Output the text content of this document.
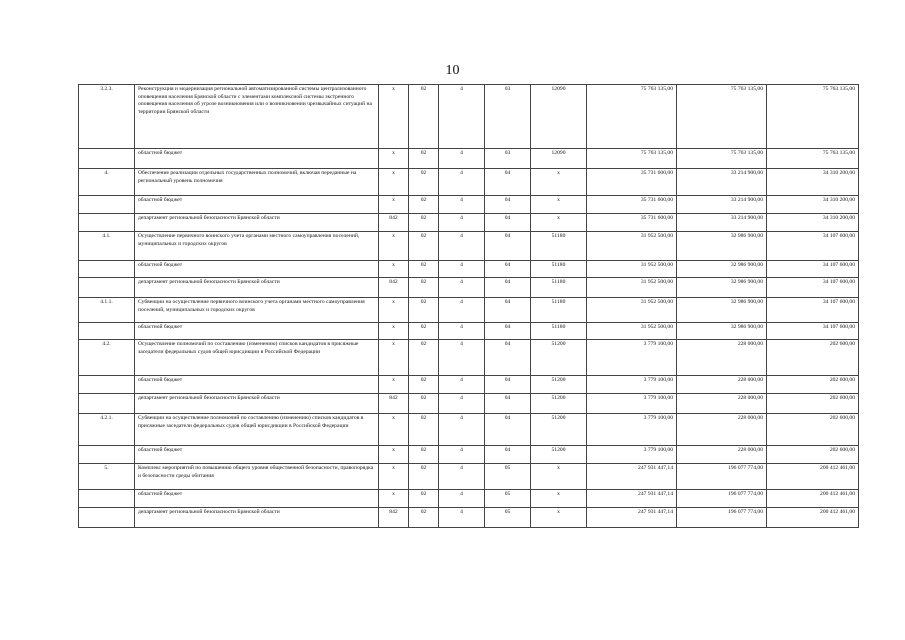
10
3.2.3.	Реконструкция и модернизация региональной автоматизированной системы централизованного оповещения населения Брянской области с элементами комплексной системы экстренного оповещения населения об угрозе возникновения или о возникновении чрезвычайных ситуаций на территории Брянской области	х	02	4	03	12090	75 763 135,00	75 763 135,00	75 763 135,00
	областной бюджет	х	02	4	03	12090	75 763 135,00	75 763 135,00	75 763 135,00
4.	Обеспечение реализации отдельных государственных полномочий, включая переданные на региональный уровень полномочия	х	02	4	04	х	35 731 600,00	33 214 900,00	34 310 200,00
	областной бюджет	х	02	4	04	х	35 731 600,00	33 214 900,00	34 310 200,00
	департамент региональной безопасности Брянской области	842	02	4	04	х	35 731 600,00	33 214 900,00	34 310 200,00
4.1.	Осуществление первичного воинского учета органами местного самоуправления поселений, муниципальных и городских округов	х	02	4	04	51180	31 952 500,00	32 986 900,00	34 107 600,00
	областной бюджет	х	02	4	04	51180	31 952 500,00	32 986 900,00	34 107 600,00
	департамент региональной безопасности Брянской области	842	02	4	04	51180	31 952 500,00	32 986 900,00	34 107 600,00
4.1.1.	Субвенции на осуществление первичного воинского учета органами местного самоуправления поселений, муниципальных и городских округов	х	02	4	04	51180	31 952 500,00	32 986 900,00	34 107 600,00
	областной бюджет	х	02	4	04	51180	31 952 500,00	32 986 900,00	34 107 600,00
4.2.	Осуществление полномочий по составлению (изменению) списков кандидатов в присяжные заседатели федеральных судов общей юрисдикции в Российской Федерации	х	02	4	04	51200	3 779 100,00	228 000,00	202 600,00
	областной бюджет	х	02	4	04	51200	3 779 100,00	228 000,00	202 600,00
	департамент региональной безопасности Брянской области	842	02	4	04	51200	3 779 100,00	228 000,00	202 600,00
4.2.1.	Субвенции на осуществление полномочий по составлению (изменению) списков кандидатов в присяжные заседатели федеральных судов общей юрисдикции в Российской Федерации	х	02	4	04	51200	3 779 100,00	228 000,00	202 600,00
	областной бюджет	х	02	4	04	51200	3 779 100,00	228 000,00	202 600,00
5.	Комплекс мероприятий по повышению общего уровня общественной безопасности, правопорядка и безопасности среды обитания	х	02	4	05	х	247 931 447,14	196 077 774,00	200 412 461,00
	областной бюджет	х	02	4	05	х	247 931 447,14	196 077 774,00	200 412 461,00
	департамент региональной безопасности Брянской области	842	02	4	05	х	247 931 447,14	196 077 774,00	200 412 461,00
